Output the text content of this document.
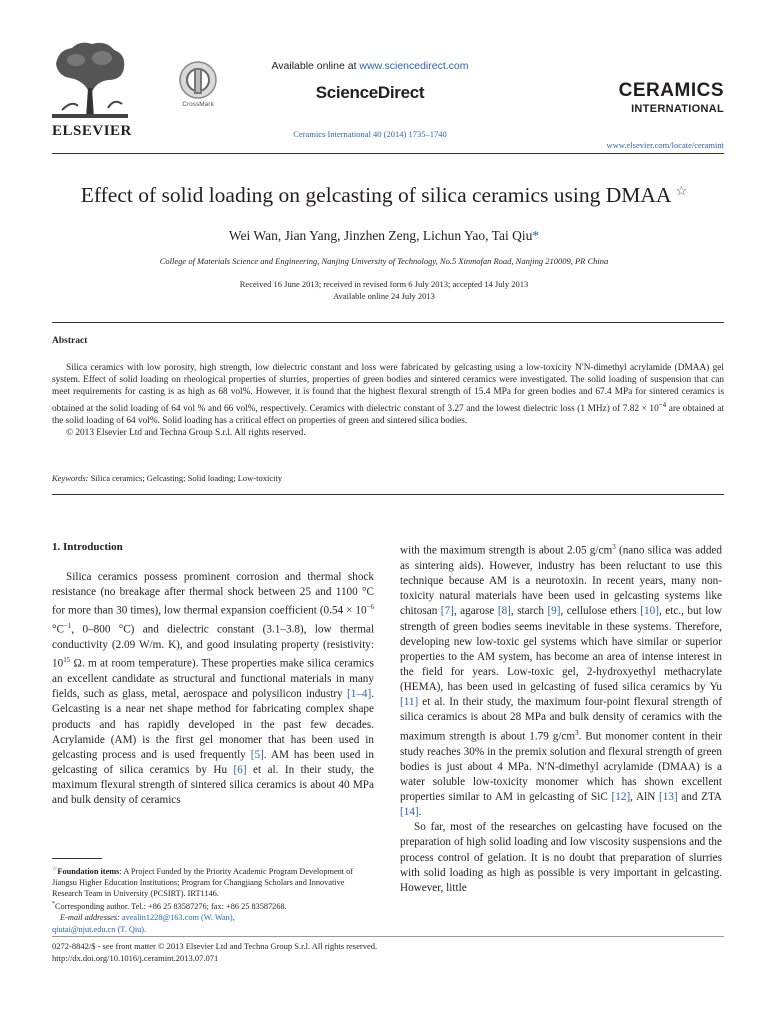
ELSEVIER
CrossMark
Available online at www.sciencedirect.com
ScienceDirect
Ceramics International 40 (2014) 1735–1740
CERAMICS
INTERNATIONAL
www.elsevier.com/locate/ceramint
Effect of solid loading on gelcasting of silica ceramics using DMAA ☆
Wei Wan, Jian Yang, Jinzhen Zeng, Lichun Yao, Tai Qiu*
College of Materials Science and Engineering, Nanjing University of Technology, No.5 Xinmofan Road, Nanjing 210009, PR China
Received 16 June 2013; received in revised form 6 July 2013; accepted 14 July 2013
Available online 24 July 2013
Abstract

Silica ceramics with low porosity, high strength, low dielectric constant and loss were fabricated by gelcasting using a low-toxicity N′N-dimethyl acrylamide (DMAA) gel system. Effect of solid loading on rheological properties of slurries, properties of green bodies and sintered ceramics were investigated. The solid loading of suspension that can meet requirements for casting is as high as 68 vol%. However, it is found that the highest flexural strength of 15.4 MPa for green bodies and 67.4 MPa for sintered ceramics is obtained at the solid loading of 64 vol % and 66 vol%, respectively. Ceramics with dielectric constant of 3.27 and the lowest dielectric loss (1 MHz) of $7.82 \times 10^{-4}$ are obtained at the solid loading of 64 vol%. Solid loading has a critical effect on properties of green and sintered silica bodies.

© 2013 Elsevier Ltd and Techna Group S.r.l. All rights reserved.

Keywords: Silica ceramics; Gelcasting; Solid loading; Low-toxicity
1. Introduction

Silica ceramics possess prominent corrosion and thermal shock resistance (no breakage after thermal shock between 25 and 1100 °C for more than 30 times), low thermal expansion coefficient ($0.54 \times 10^{-6}$ $^\circ C^{-1}$, 0–800 °C) and dielectric constant (3.1–3.8), low thermal conductivity (2.09 W/m. K), and good insulating property (resistivity: $10^{15}$ Ω. m at room temperature). These properties make silica ceramics an excellent candidate as structural and functional materials in many fields, such as glass, metal, aerospace and polysilicon industry [1–4]. Gelcasting is a near net shape method for fabricating complex shape products and has rapidly developed in the past few decades. Acrylamide (AM) is the first gel monomer that has been used in gelcasting process and is used frequently [5]. AM has been used in gelcasting of silica ceramics by Hu [6] et al. In their study, the maximum flexural strength of sintered silica ceramics is about 40 MPa and bulk density of ceramics

☆Foundation items: A Project Funded by the Priority Academic Program Development of Jiangsu Higher Education Institutions; Program for Changjiang Scholars and Innovative Research Team in University (PCSIRT). IRT1146.

*Corresponding author. Tel.: +86 25 83587276; fax: +86 25 83587268.

E-mail addresses: avealin1228@163.com (W. Wan),

qiutai@njut.edu.cn (T. Qiu).

with the maximum strength is about 2.05 $g/cm^3$ (nano silica was added as sintering aids). However, industry has been reluctant to use this technique because AM is a neurotoxin. In recent years, many non-toxicity natural materials have been used in gelcasting systems like chitosan [7], agarose [8], starch [9], cellulose ethers [10], etc., but low strength of green bodies seems inevitable in these systems. Therefore, developing new low-toxic gel systems which have similar or superior properties to the AM system, has become an area of intense interest in the field for years. Low-toxic gel, 2-hydroxyethyl methacrylate (HEMA), has been used in gelcasting of fused silica ceramics by Yu [11] et al. In their study, the maximum four-point flexural strength of silica ceramics is about 28 MPa and bulk density of ceramics with the maximum strength is about 1.79 $g/cm^3$. But monomer content in their study reaches 30% in the premix solution and flexural strength of green bodies is just about 4 MPa. N′N-dimethyl acrylamide (DMAA) is a water soluble low-toxicity monomer which has shown excellent properties similar to AM in gelcasting of SiC [12], AlN [13] and ZTA [14].

So far, most of the researches on gelcasting have focused on the preparation of high solid loading and low viscosity suspensions and the process control of gelation. It is no doubt that preparation of slurries with solid loading as high as possible is very important in gelcasting. However, little

0272-8842/$ - see front matter © 2013 Elsevier Ltd and Techna Group S.r.l. All rights reserved.
http://dx.doi.org/10.1016/j.ceramint.2013.07.071
